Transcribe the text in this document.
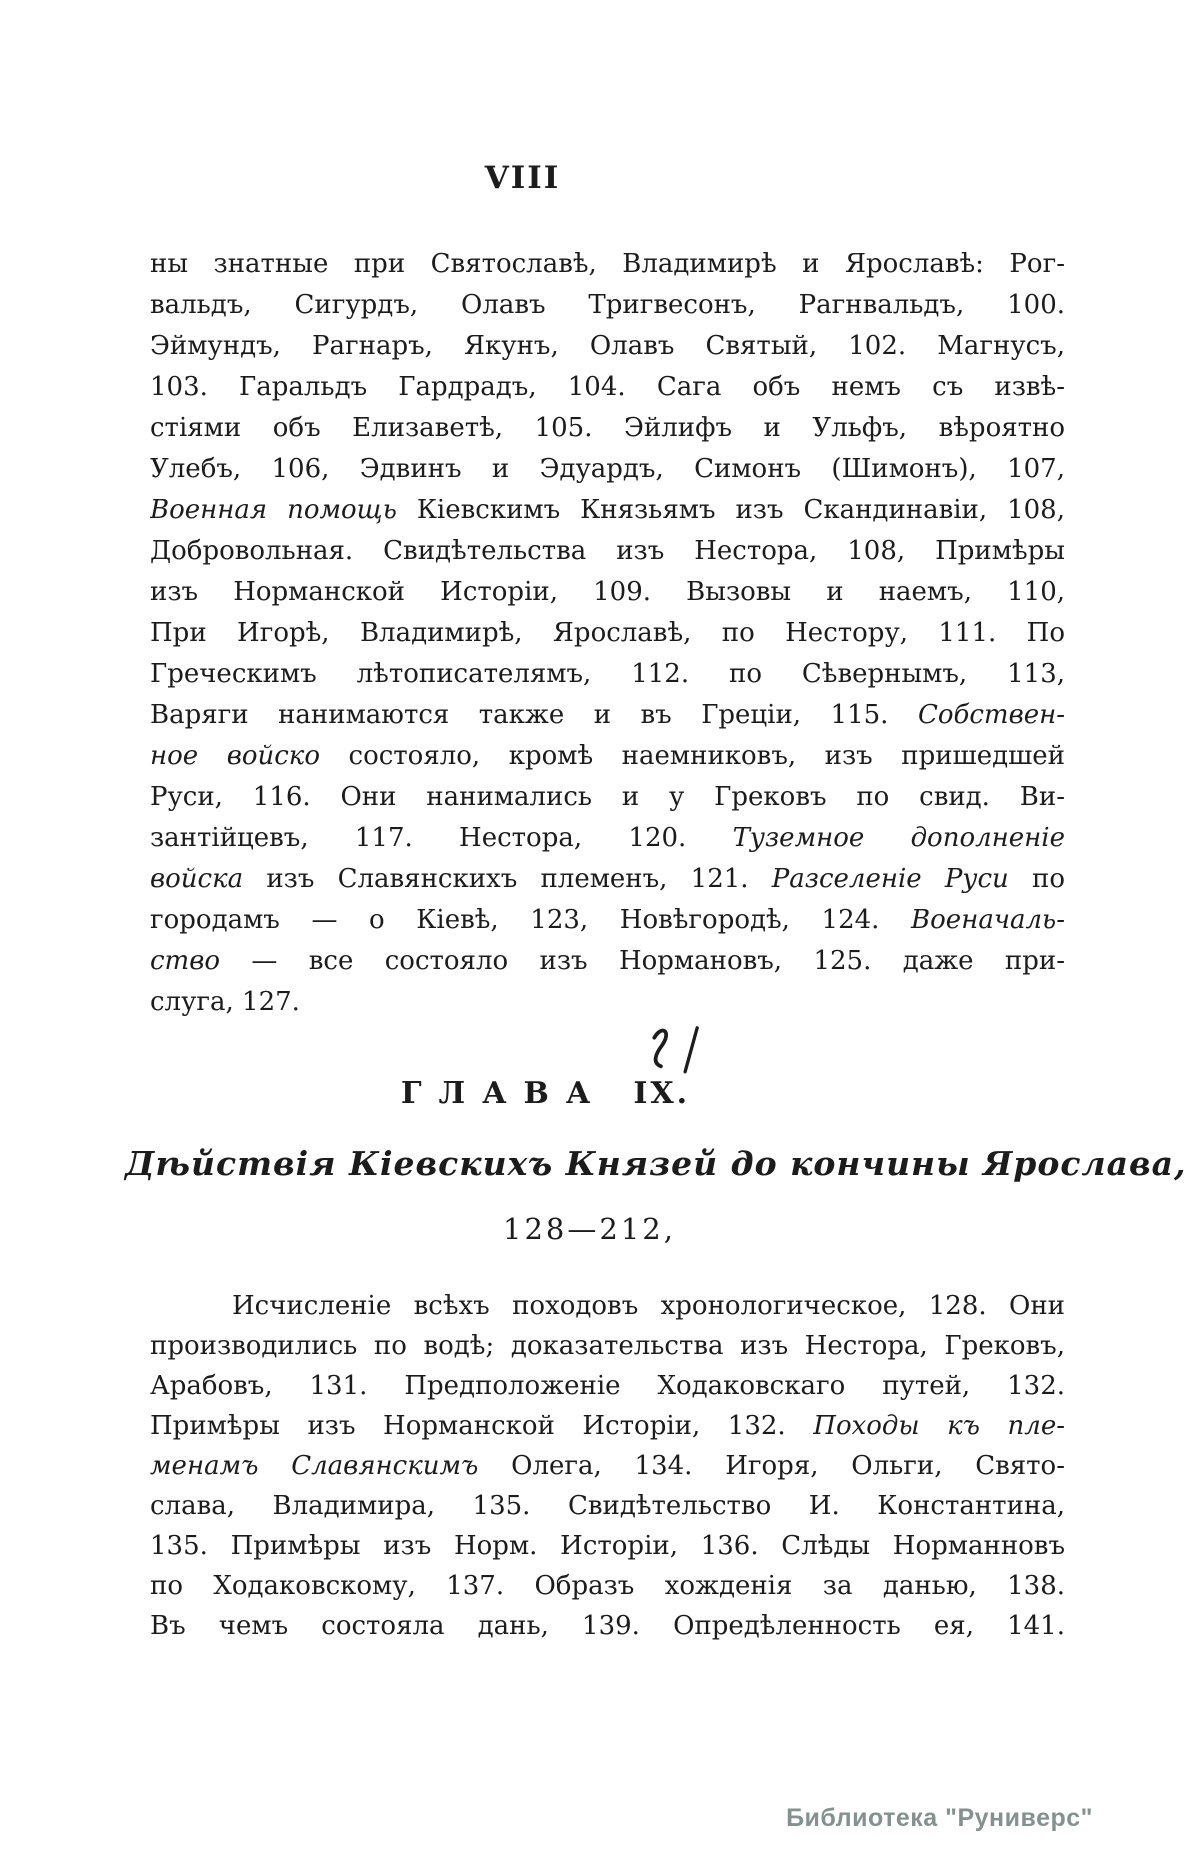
VIII
ны знатные при Святославѣ, Владимирѣ и Ярославѣ: Рог-
вальдъ, Сигурдъ, Олавъ Тригвесонъ, Рагнвальдъ, 100.
Эймундъ, Рагнаръ, Якунъ, Олавъ Святый, 102. Магнусъ,
103. Гаральдъ Гардрадъ, 104. Сага объ немъ съ извѣ-
стіями объ Елизаветѣ, 105. Эйлифъ и Ульфъ, вѣроятно
Улебъ, 106, Эдвинъ и Эдуардъ, Симонъ (Шимонъ), 107,
Военная помощь Кіевскимъ Князьямъ изъ Скандинавіи, 108,
Добровольная. Свидѣтельства изъ Нестора, 108, Примѣры
изъ Норманской Исторіи, 109. Вызовы и наемъ, 110,
При Игорѣ, Владимирѣ, Ярославѣ, по Нестору, 111. По
Греческимъ лѣтописателямъ, 112. по Сѣвернымъ, 113,
Варяги нанимаются также и въ Греціи, 115. Собствен-
ное войско состояло, кромѣ наемниковъ, изъ пришедшей
Руси, 116. Они нанимались и у Грековъ по свид. Ви-
зантійцевъ, 117. Нестора, 120. Туземное дополненіе
войска изъ Славянскихъ племенъ, 121. Разселеніе Руси по
городамъ — о Кіевѣ, 123, Новѣгородѣ, 124. Военачаль-
ство — все состояло изъ Нормановъ, 125. даже при-
слуга, 127.
ГЛАВА IX.
Дѣйствія Кіевскихъ Князей до кончины Ярослава,
128—212,
Исчисленіе всѣхъ походовъ хронологическое, 128. Они
производились по водѣ; доказательства изъ Нестора, Грековъ,
Арабовъ, 131. Предположеніе Ходаковскаго путей, 132.
Примѣры изъ Норманской Исторіи, 132. Походы къ пле-
менамъ Славянскимъ Олега, 134. Игоря, Ольги, Свято-
слава, Владимира, 135. Свидѣтельство И. Константина,
135. Примѣры изъ Норм. Исторіи, 136. Слѣды Норманновъ
по Ходаковскому, 137. Образъ хожденія за данью, 138.
Въ чемъ состояла дань, 139. Опредѣленность ея, 141.
Библиотека "Руниверс"
